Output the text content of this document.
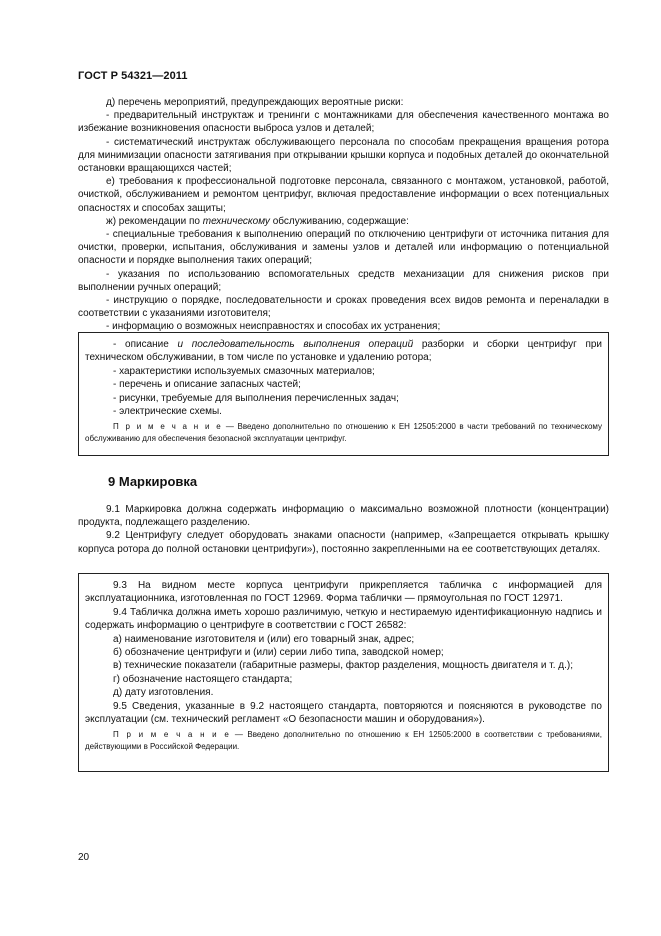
ГОСТ Р 54321—2011

д) перечень мероприятий, предупреждающих вероятные риски:

- предварительный инструктаж и тренинги с монтажниками для обеспечения качественного монтажа во избежание возникновения опасности выброса узлов и деталей;

- систематический инструктаж обслуживающего персонала по способам прекращения вращения ротора для минимизации опасности затягивания при открывании крышки корпуса и подобных деталей до окончательной остановки вращающихся частей;

е) требования к профессиональной подготовке персонала, связанного с монтажом, установкой, работой, очисткой, обслуживанием и ремонтом центрифуг, включая предоставление информации о всех потенциальных опасностях и способах защиты;

ж) рекомендации по техническому обслуживанию, содержащие:

- специальные требования к выполнению операций по отключению центрифуги от источника питания для очистки, проверки, испытания, обслуживания и замены узлов и деталей или информацию о потенциальной опасности и порядке выполнения таких операций;

- указания по использованию вспомогательных средств механизации для снижения рисков при выполнении ручных операций;

- инструкцию о порядке, последовательности и сроках проведения всех видов ремонта и переналадки в соответствии с указаниями изготовителя;

- информацию о возможных неисправностях и способах их устранения;

- описание и последовательность выполнения операций разборки и сборки центрифуг при техническом обслуживании, в том числе по установке и удалению ротора;

- характеристики используемых смазочных материалов;

- перечень и описание запасных частей;

- рисунки, требуемые для выполнения перечисленных задач;

- электрические схемы.

П р и м е ч а н и е — Введено дополнительно по отношению к ЕН 12505:2000 в части требований по техническому обслуживанию для обеспечения безопасной эксплуатации центрифуг.

9 Маркировка

9.1 Маркировка должна содержать информацию о максимально возможной плотности (концентрации) продукта, подлежащего разделению.

9.2 Центрифугу следует оборудовать знаками опасности (например, «Запрещается открывать крышку корпуса ротора до полной остановки центрифуги»), постоянно закрепленными на ее соответствующих деталях.

9.3 На видном месте корпуса центрифуги прикрепляется табличка с информацией для эксплуатационника, изготовленная по ГОСТ 12969. Форма таблички — прямоугольная по ГОСТ 12971.

9.4 Табличка должна иметь хорошо различимую, четкую и нестираемую идентификационную надпись и содержать информацию о центрифуге в соответствии с ГОСТ 26582:

а) наименование изготовителя и (или) его товарный знак, адрес;

б) обозначение центрифуги и (или) серии либо типа, заводской номер;

в) технические показатели (габаритные размеры, фактор разделения, мощность двигателя и т. д.);

г) обозначение настоящего стандарта;

д) дату изготовления.

9.5 Сведения, указанные в 9.2 настоящего стандарта, повторяются и поясняются в руководстве по эксплуатации (см. технический регламент «О безопасности машин и оборудования»).

П р и м е ч а н и е — Введено дополнительно по отношению к ЕН 12505:2000 в соответствии с требованиями, действующими в Российской Федерации.

20
